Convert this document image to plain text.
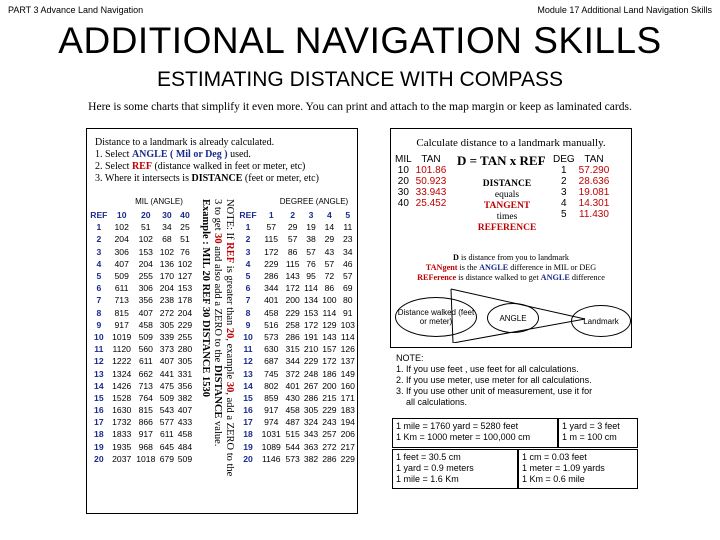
PART 3 Advance Land Navigation	Module 17 Additional Land Navigation Skills
ADDITIONAL NAVIGATION SKILLS
ESTIMATING DISTANCE WITH COMPASS
Here is some charts that simplify it even more. You can print and attach to the map margin or keep as laminated cards.
Distance to a landmark is already calculated.
1. Select ANGLE ( Mil or Deg ) used.
2. Select REF (distance walked in feet or meter, etc)
3. Where it intersects is DISTANCE (feet or meter, etc)
MIL (ANGLE)	DEGREE (ANGLE)
REF	10	20	30	40
1	102	51	34	25
2	204	102	68	51
3	306	153	102	76
4	407	204	136	102
5	509	255	170	127
6	611	306	204	153
7	713	356	238	178
8	815	407	272	204
9	917	458	305	229
10	1019	509	339	255
11	1120	560	373	280
12	1222	611	407	305
13	1324	662	441	331
14	1426	713	475	356
15	1528	764	509	382
16	1630	815	543	407
17	1732	866	577	433
18	1833	917	611	458
19	1935	968	645	484
20	2037	1018	679	509
NOTE: If REF is greater than 20, example 30, add a ZERO to the
3 to get 30 and also add a ZERO to the DISTANCE value.
Example : MIL 20 REF 30 DISTANCE 1530	REF	1	2	3	4	5
1	57	29	19	14	11
2	115	57	38	29	23
3	172	86	57	43	34
4	229	115	76	57	46
5	286	143	95	72	57
6	344	172	114	86	69
7	401	200	134	100	80
8	458	229	153	114	91
9	516	258	172	129	103
10	573	286	191	143	114
11	630	315	210	157	126
12	687	344	229	172	137
13	745	372	248	186	149
14	802	401	267	200	160
15	859	430	286	215	171
16	917	458	305	229	183
17	974	487	324	243	194
18	1031	515	343	257	206
19	1089	544	363	272	217
20	1146	573	382	286	229
Calculate distance to a landmark manually.
MIL	TAN
10	101.86
20	50.923
30	33.943
40	25.452
D = TAN x REF
DISTANCE
equals
TANGENT
times
REFERENCE
DEG	TAN
1	57.290
2	28.636
3	19.081
4	14.301
5	11.430
D is distance from you to landmark
TANgent is the ANGLE difference in MIL or DEG
REFerence is distance walked to get ANGLE difference
Distance walked (feet or meter)	ANGLE	Landmark
NOTE:
1. If you use feet , use feet for all calculations.
2. If you use meter, use meter for all calculations.
3. If you use other unit of measurement, use it for
all calculations.
1 mile = 1760 yard = 5280 feet
1 Km = 1000 meter = 100,000 cm
1 yard = 3 feet
1 m = 100 cm
1 feet = 30.5 cm
1 yard = 0.9 meters
1 mile = 1.6 Km
1 cm = 0.03 feet
1 meter = 1.09 yards
1 Km = 0.6 mile
